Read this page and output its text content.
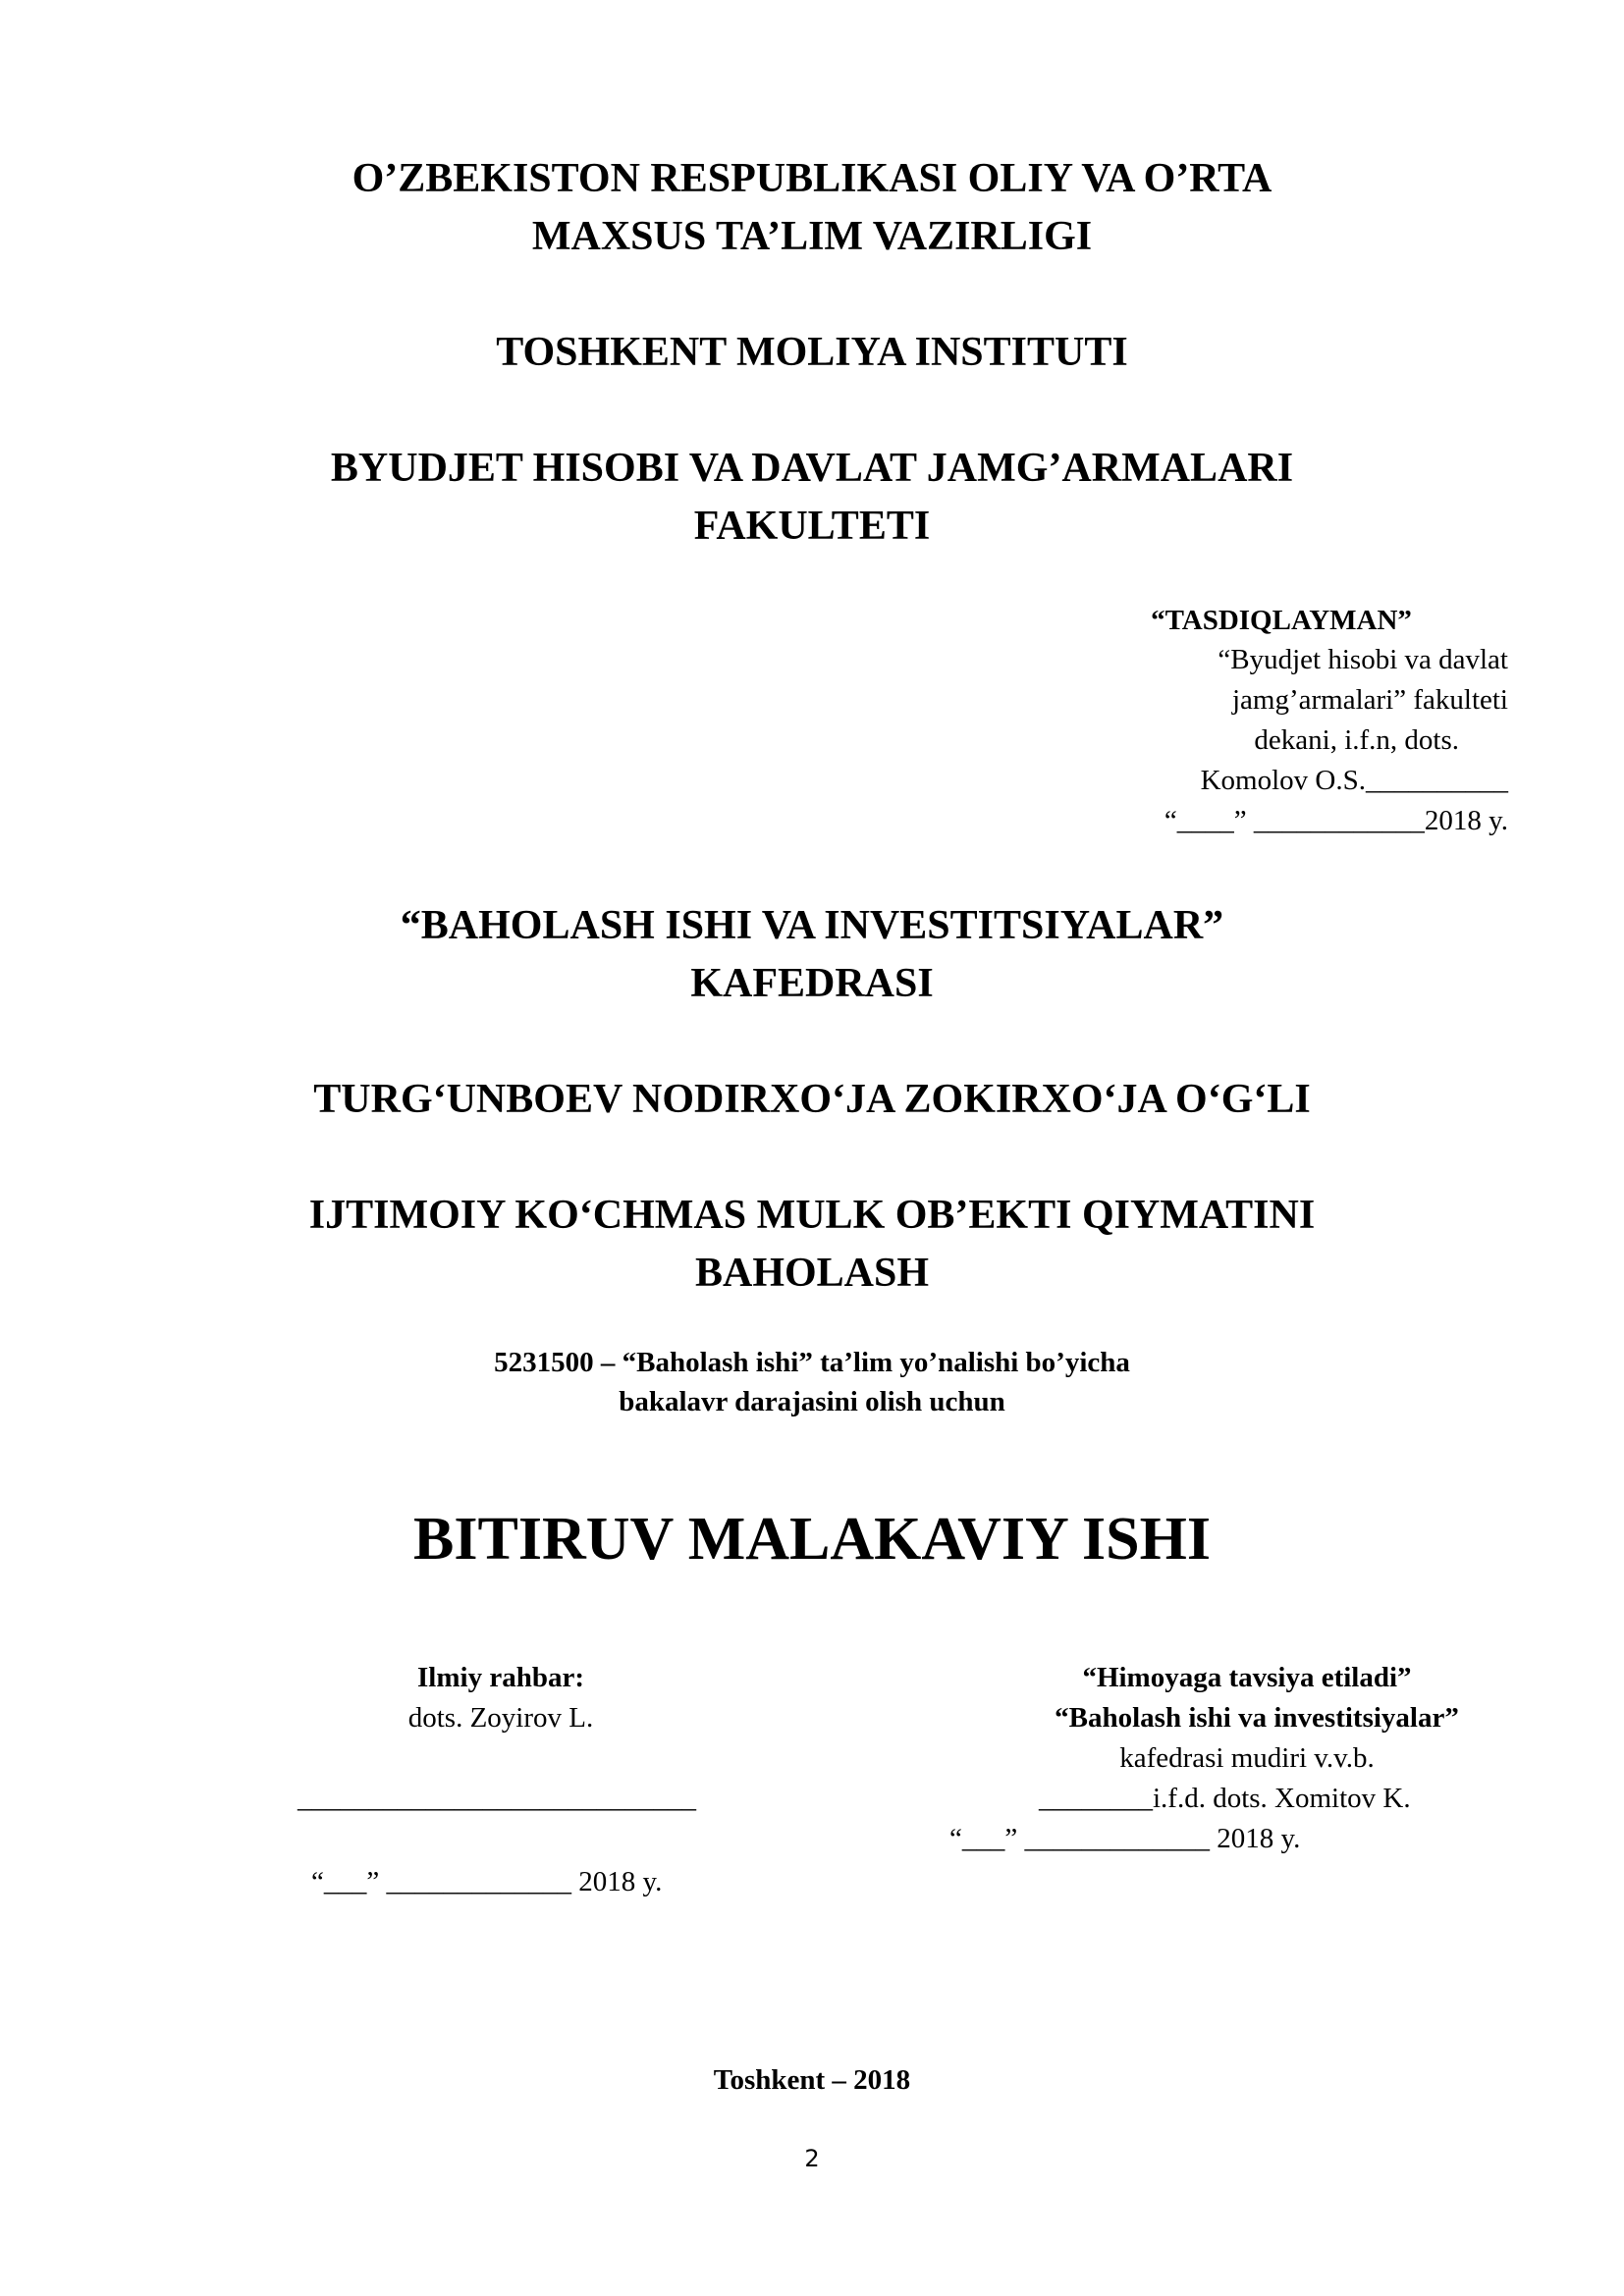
O’ZBEKISTON RESPUBLIKASI OLIY VA O’RTA
MAXSUS TA’LIM VAZIRLIGI
TOSHKENT MOLIYA INSTITUTI
BYUDJET HISOBI VA DAVLAT JAMG’ARMALARI
FAKULTETI
“TASDIQLAYMAN”
“Byudjet hisobi va davlat
jamg’armalari” fakulteti
dekani, i.f.n, dots.
Komolov O.S.__________
“____” ____________2018 y.
“BAHOLASH ISHI VA INVESTITSIYALAR”
KAFEDRASI
TURG‘UNBOEV NODIRXO‘JA ZOKIRXO‘JA O‘G‘LI
IJTIMOIY KO‘CHMAS MULK OB’EKTI QIYMATINI
BAHOLASH
5231500 – “Baholash ishi” ta’lim yo’nalishi bo’yicha
bakalavr darajasini olish uchun
BITIRUV MALAKAVIY ISHI
Ilmiy rahbar:
dots. Zoyirov L.
____________________________
“___” _____________ 2018 y.
“Himoyaga tavsiya etiladi”
“Baholash ishi va investitsiyalar”
kafedrasi mudiri v.v.b.
________i.f.d. dots. Xomitov K.
“___” _____________ 2018 y.
Toshkent – 2018
2
